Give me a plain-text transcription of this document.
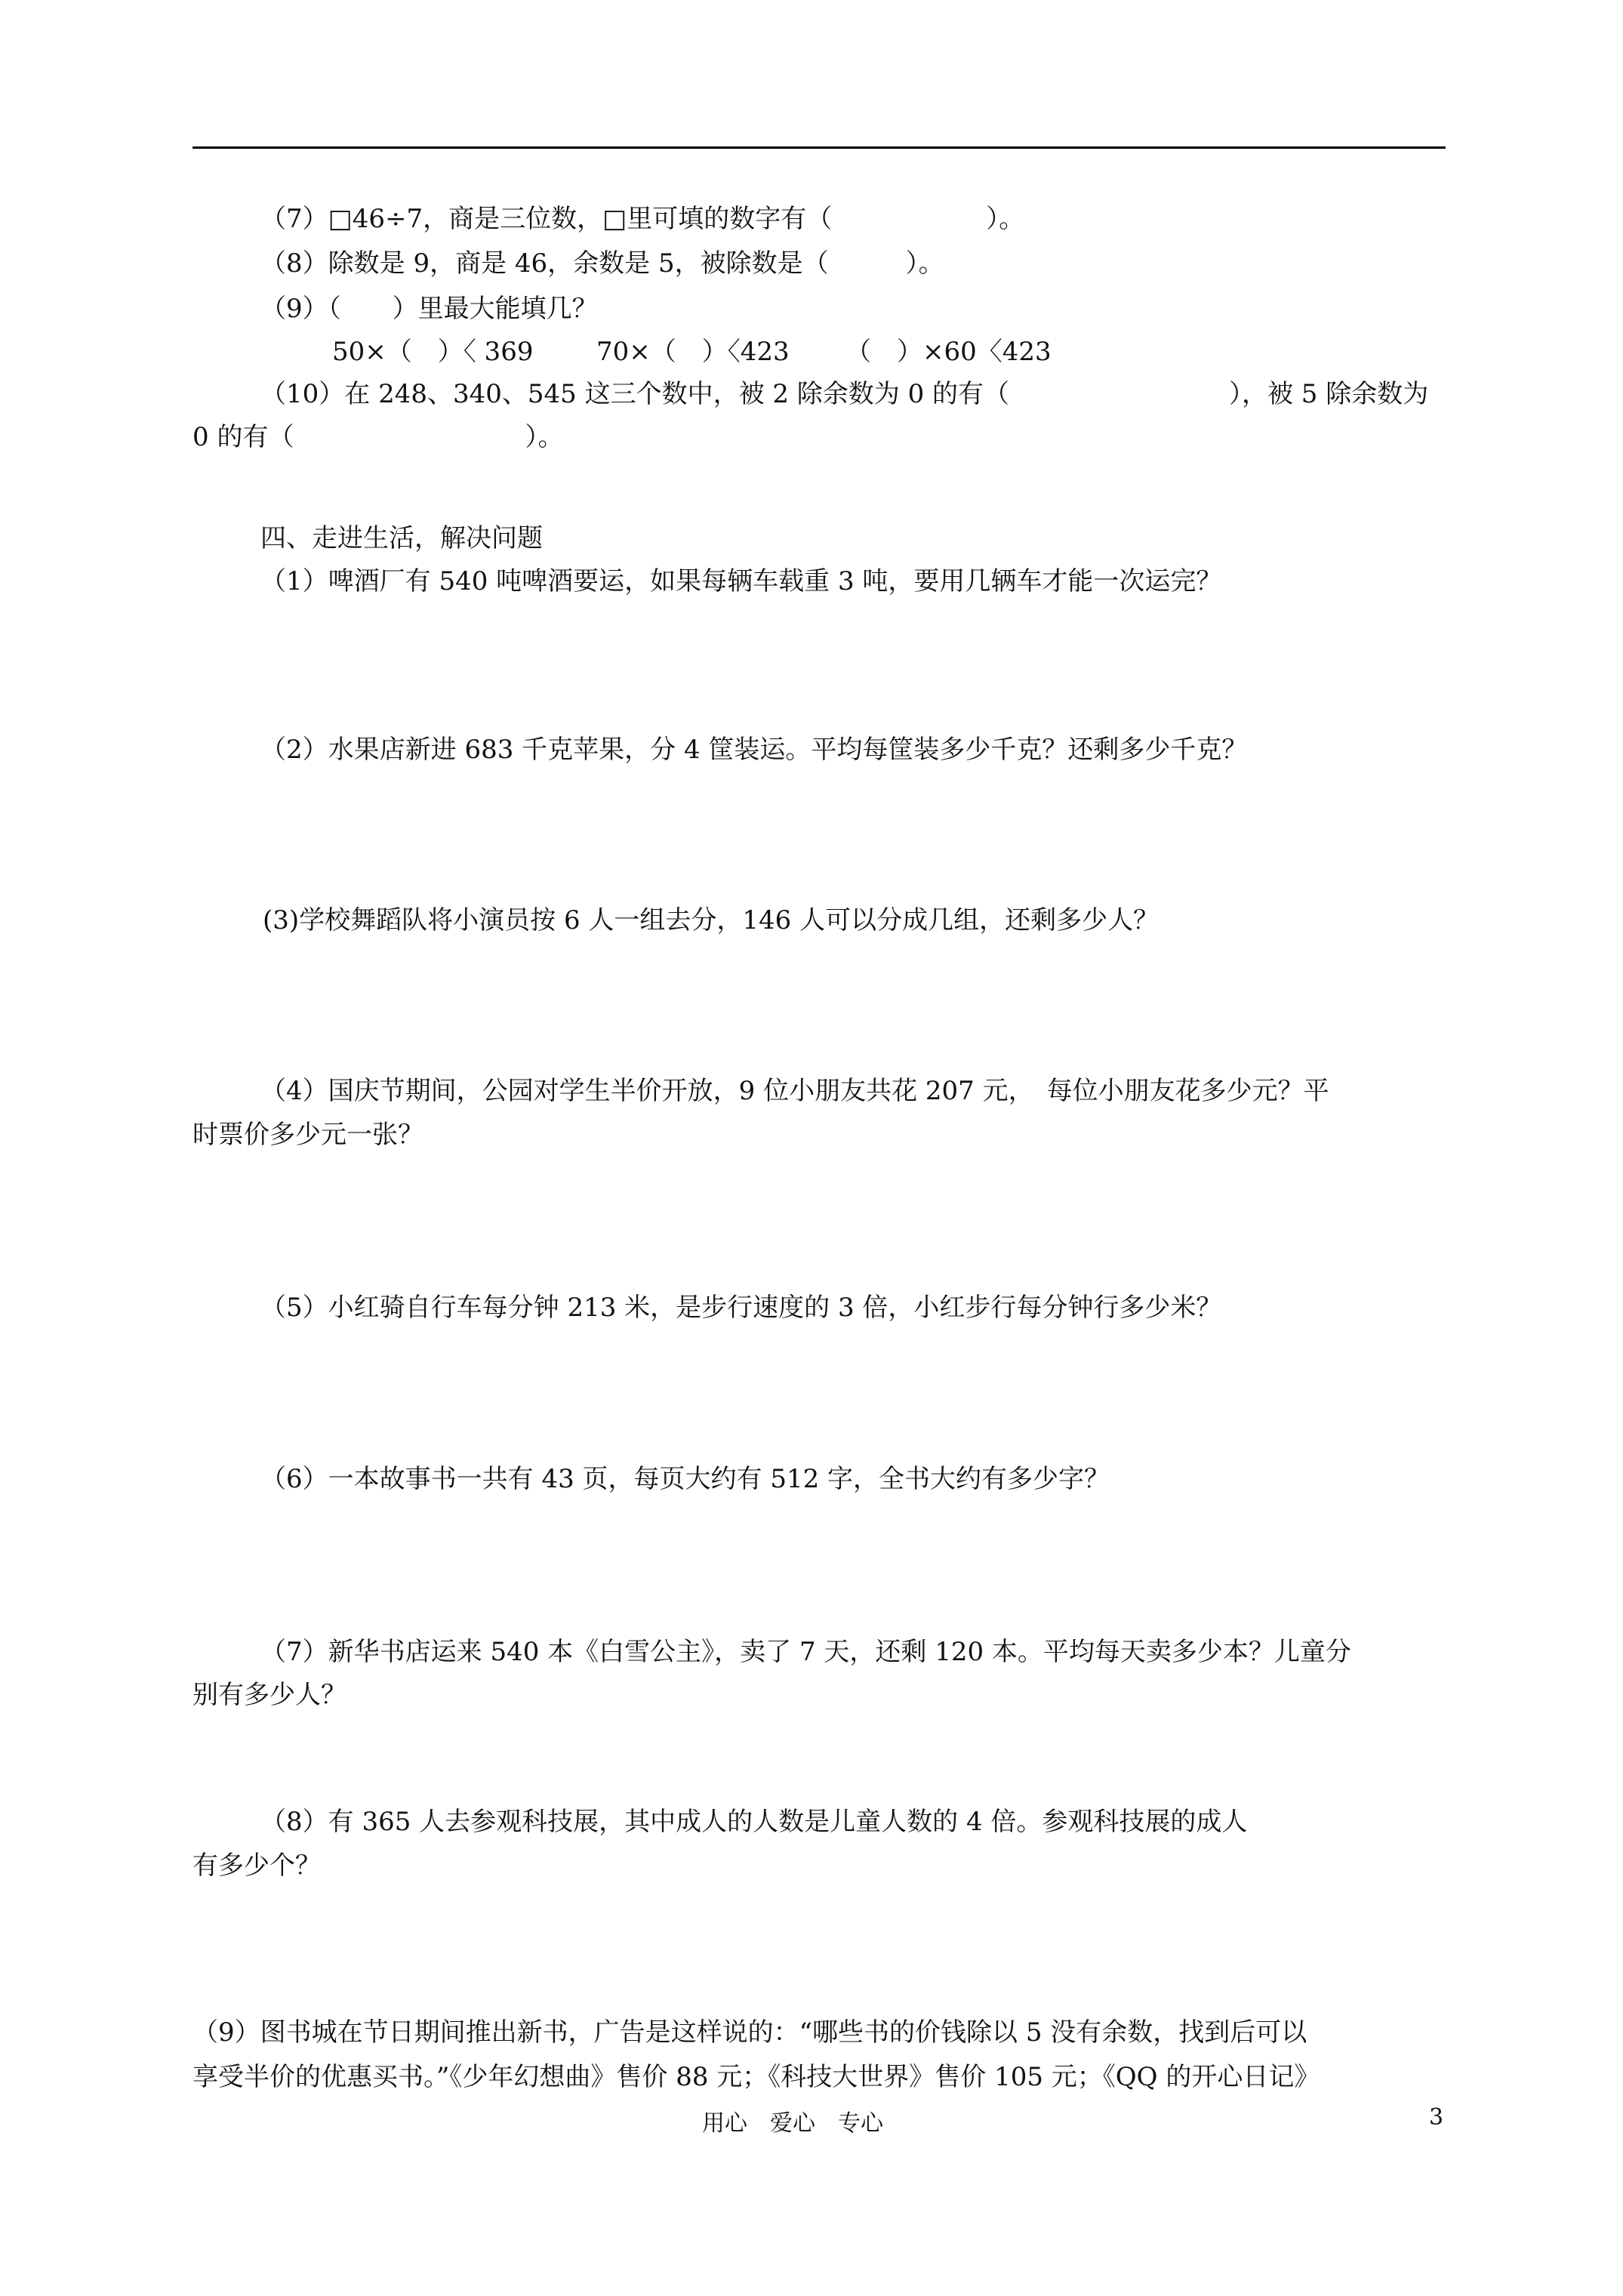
（7）□46÷7，商是三位数，□里可填的数字有（　　　　　　）。
（8）除数是 9，商是 46，余数是 5，被除数是（　　　）。
（9）（　　）里最大能填几？
50×（　）〈 369 70×（　）〈423 （　）×60〈423
（10）在 248、340、545 这三个数中，被 2 除余数为 0 的有（	），被 5 除余数为
0 的有（　　　　　　　　　）。
四、走进生活，解决问题
（1）啤酒厂有 540 吨啤酒要运，如果每辆车载重 3 吨，要用几辆车才能一次运完？
（2）水果店新进 683 千克苹果，分 4 筐装运。平均每筐装多少千克？还剩多少千克？
(3)学校舞蹈队将小演员按 6 人一组去分，146 人可以分成几组，还剩多少人？
（4）国庆节期间，公园对学生半价开放，9 位小朋友共花 207 元，　每位小朋友花多少元？平
时票价多少元一张？
（5）小红骑自行车每分钟 213 米，是步行速度的 3 倍，小红步行每分钟行多少米？
（6）一本故事书一共有 43 页，每页大约有 512 字，全书大约有多少字？
（7）新华书店运来 540 本《白雪公主》，卖了 7 天，还剩 120 本。平均每天卖多少本？儿童分
别有多少人？
（8）有 365 人去参观科技展，其中成人的人数是儿童人数的 4 倍。参观科技展的成人
有多少个？
（9）图书城在节日期间推出新书，广告是这样说的：“哪些书的价钱除以 5 没有余数，找到后可以
享受半价的优惠买书。”《少年幻想曲》售价 88 元；《科技大世界》售价 105 元；《QQ 的开心日记》
用心　爱心　专心	3
